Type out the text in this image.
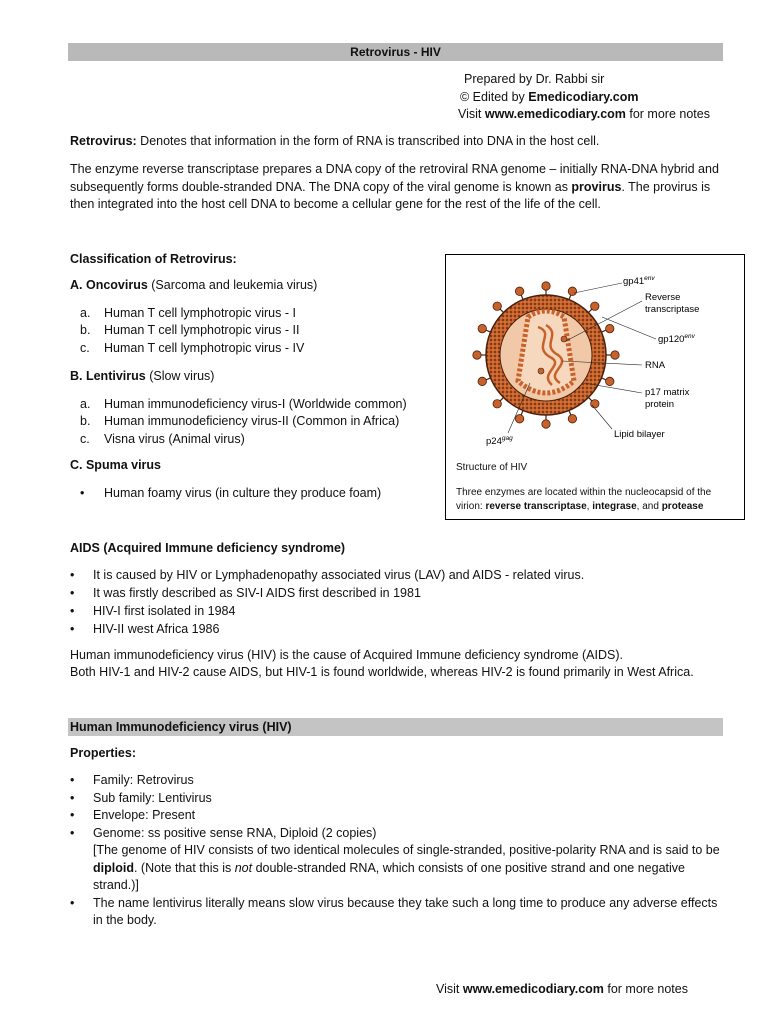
Retrovirus - HIV
Prepared by Dr. Rabbi sir
© Edited by Emedicodiary.com
Visit www.emedicodiary.com for more notes
Retrovirus: Denotes that information in the form of RNA is transcribed into DNA in the host cell.
The enzyme reverse transcriptase prepares a DNA copy of the retroviral RNA genome – initially RNA-DNA hybrid and subsequently forms double-stranded DNA. The DNA copy of the viral genome is known as provirus. The provirus is then integrated into the host cell DNA to become a cellular gene for the rest of the life of the cell.
Classification of Retrovirus:
A. Oncovirus (Sarcoma and leukemia virus)
a.	Human T cell lymphotropic virus - I
b.	Human T cell lymphotropic virus - II
c.	Human T cell lymphotropic virus - IV
B. Lentivirus (Slow virus)
a.	Human immunodeficiency virus-I (Worldwide common)
b.	Human immunodeficiency virus-II (Common in Africa)
c.	Visna virus (Animal virus)
C. Spuma virus
•	Human foamy virus (in culture they produce foam)
$gp41^{env}$
Reverse
transcriptase
$gp120^{env}$
RNA
p17 matrix
protein
Lipid bilayer
$p24^{gag}$
Structure of HIV
Three enzymes are located within the nucleocapsid of the virion: reverse transcriptase, integrase, and protease
AIDS (Acquired Immune deficiency syndrome)
•	It is caused by HIV or Lymphadenopathy associated virus (LAV) and AIDS - related virus.
•	It was firstly described as SIV-I AIDS first described in 1981
•	HIV-I first isolated in 1984
•	HIV-II west Africa 1986
Human immunodeficiency virus (HIV) is the cause of Acquired Immune deficiency syndrome (AIDS).
Both HIV-1 and HIV-2 cause AIDS, but HIV-1 is found worldwide, whereas HIV-2 is found primarily in West Africa.
Human Immunodeficiency virus (HIV)
Properties:
•	Family: Retrovirus
•	Sub family: Lentivirus
•	Envelope: Present
•	Genome: ss positive sense RNA, Diploid (2 copies)
[The genome of HIV consists of two identical molecules of single-stranded, positive-polarity RNA and is said to be diploid. (Note that this is not double-stranded RNA, which consists of one positive strand and one negative strand.)]
•	The name lentivirus literally means slow virus because they take such a long time to produce any adverse effects in the body.
Visit www.emedicodiary.com for more notes
